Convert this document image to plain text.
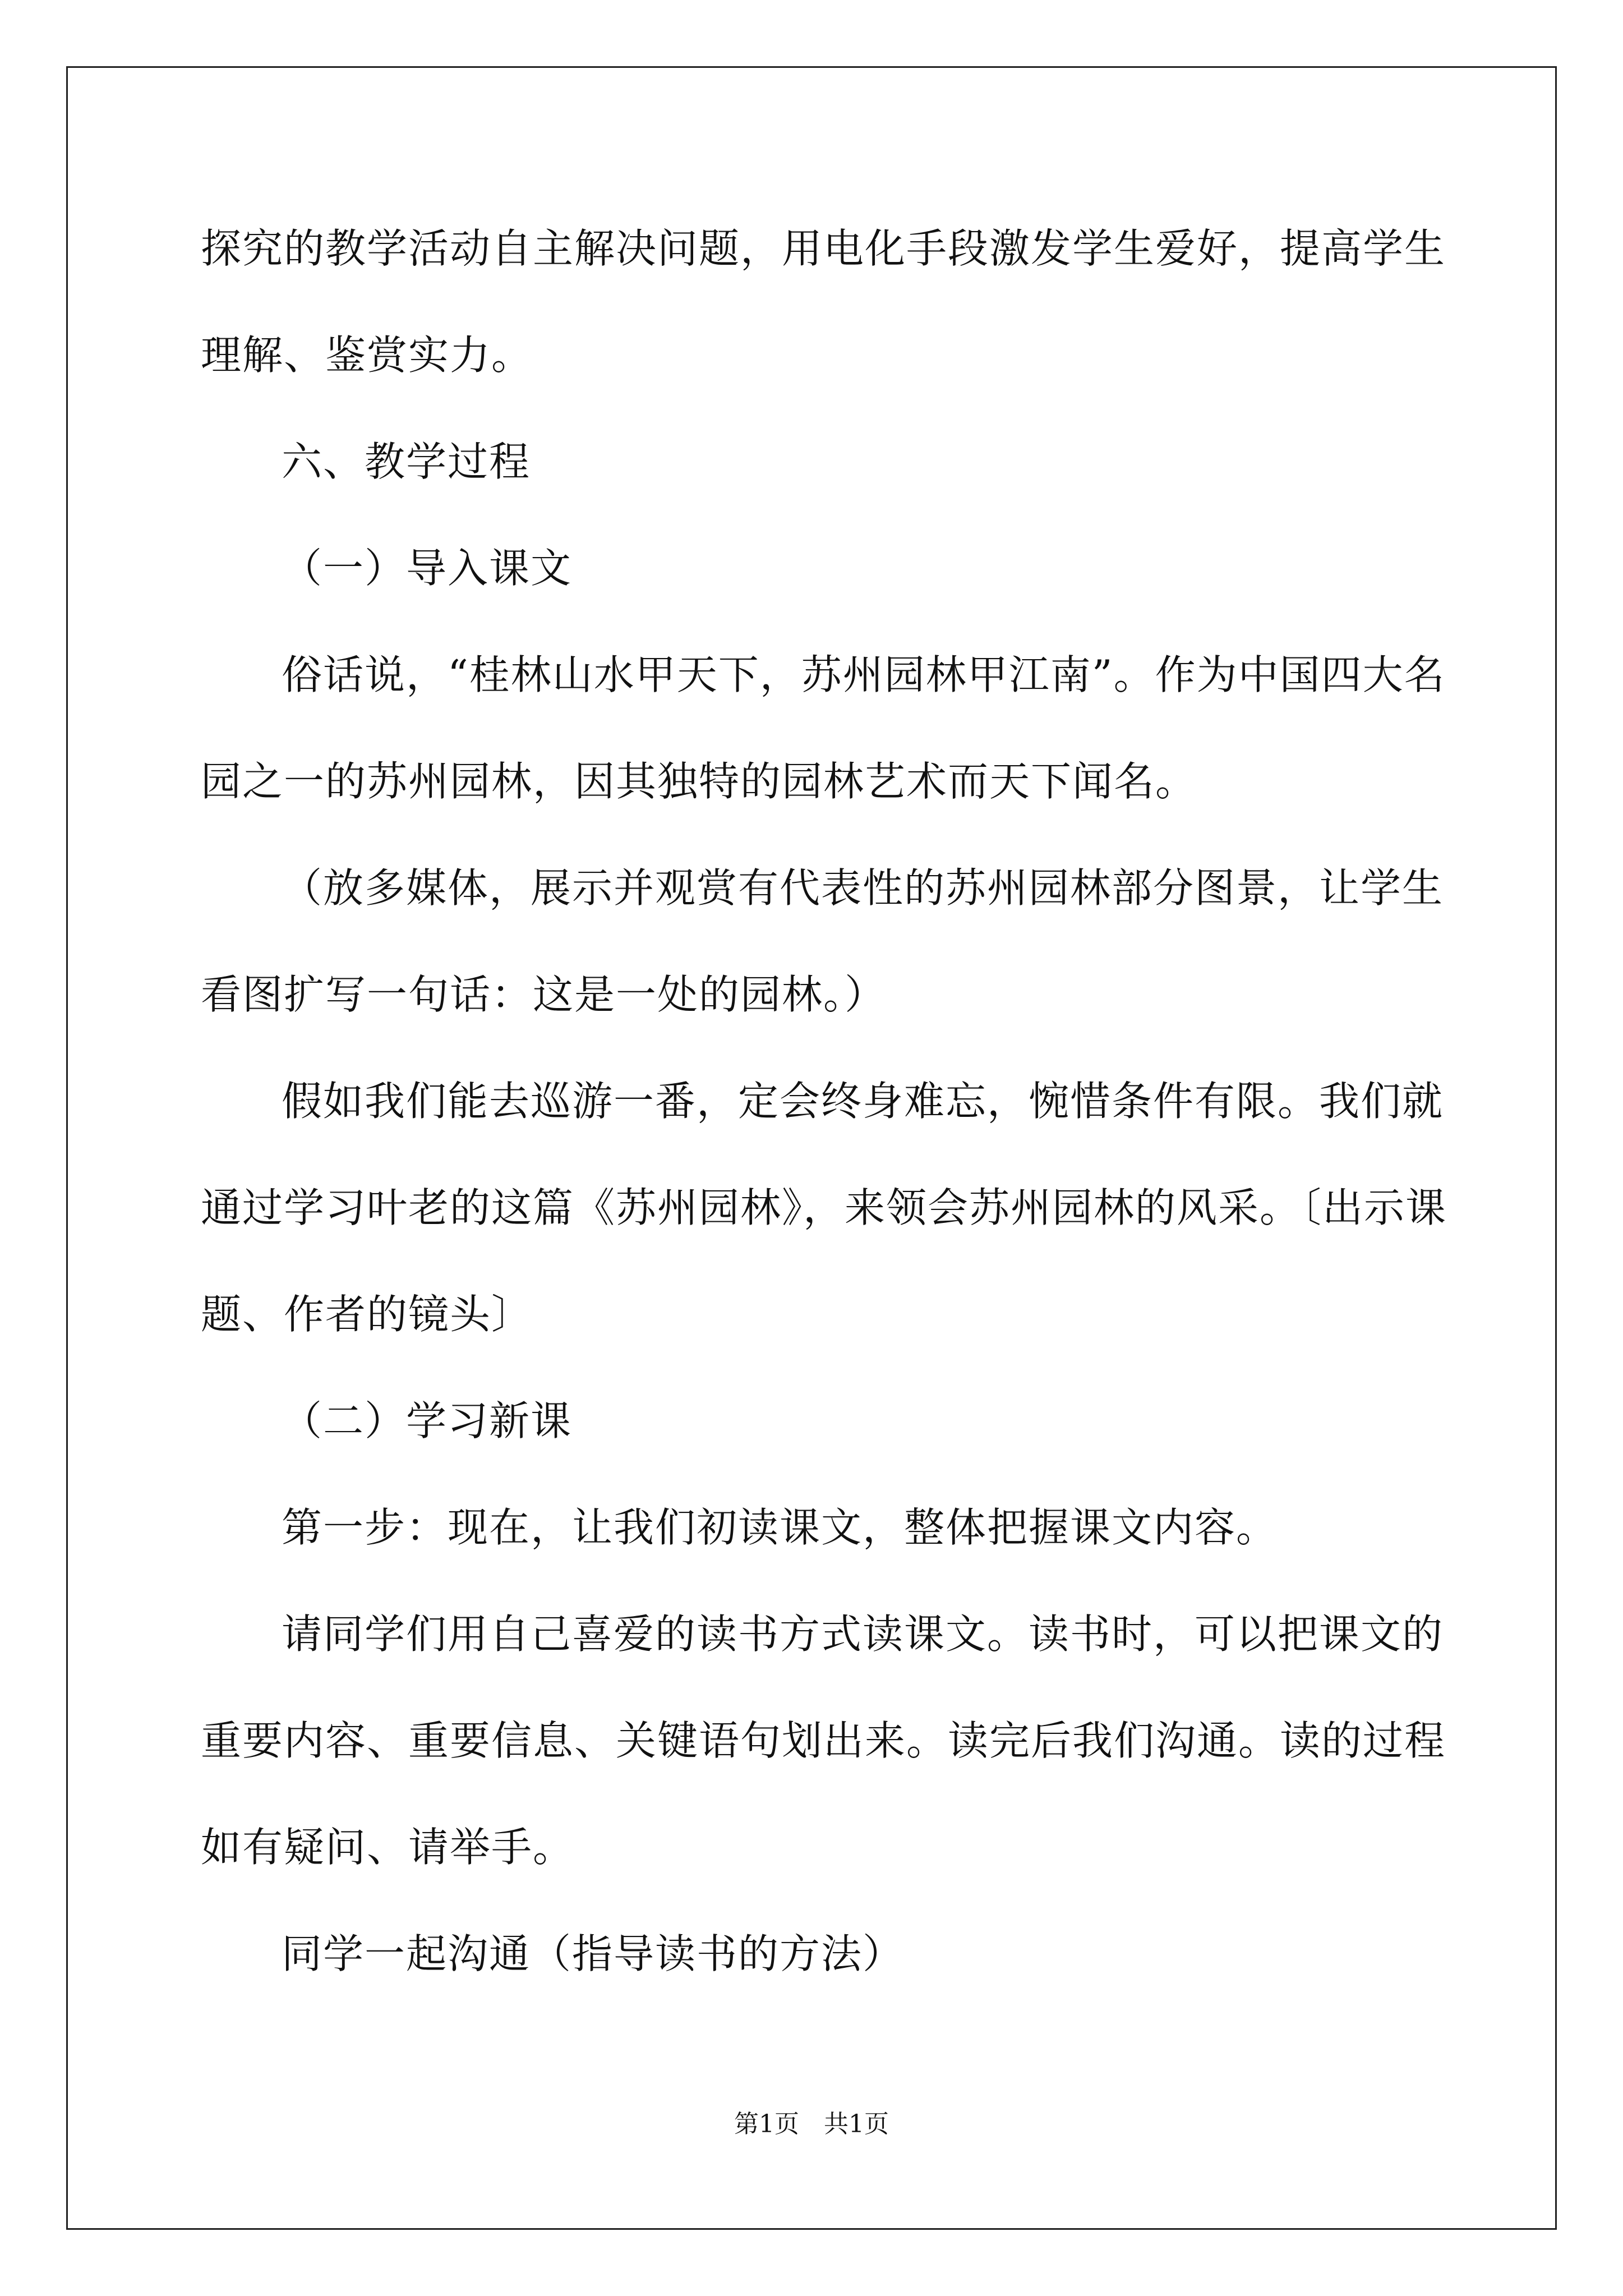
探究的教学活动自主解决问题，用电化手段激发学生爱好，提高学生
理解、鉴赏实力。
六、教学过程
（一）导入课文
俗话说，“桂林山水甲天下，苏州园林甲江南”。作为中国四大名
园之一的苏州园林，因其独特的园林艺术而天下闻名。
（放多媒体，展示并观赏有代表性的苏州园林部分图景，让学生
看图扩写一句话：这是一处的园林。）
假如我们能去巡游一番，定会终身难忘，惋惜条件有限。我们就
通过学习叶老的这篇《苏州园林》，来领会苏州园林的风采。〔出示课
题、作者的镜头〕
（二）学习新课
第一步：现在，让我们初读课文，整体把握课文内容。
请同学们用自己喜爱的读书方式读课文。读书时，可以把课文的
重要内容、重要信息、关键语句划出来。读完后我们沟通。读的过程
如有疑问、请举手。
同学一起沟通（指导读书的方法）
第1页　共1页
